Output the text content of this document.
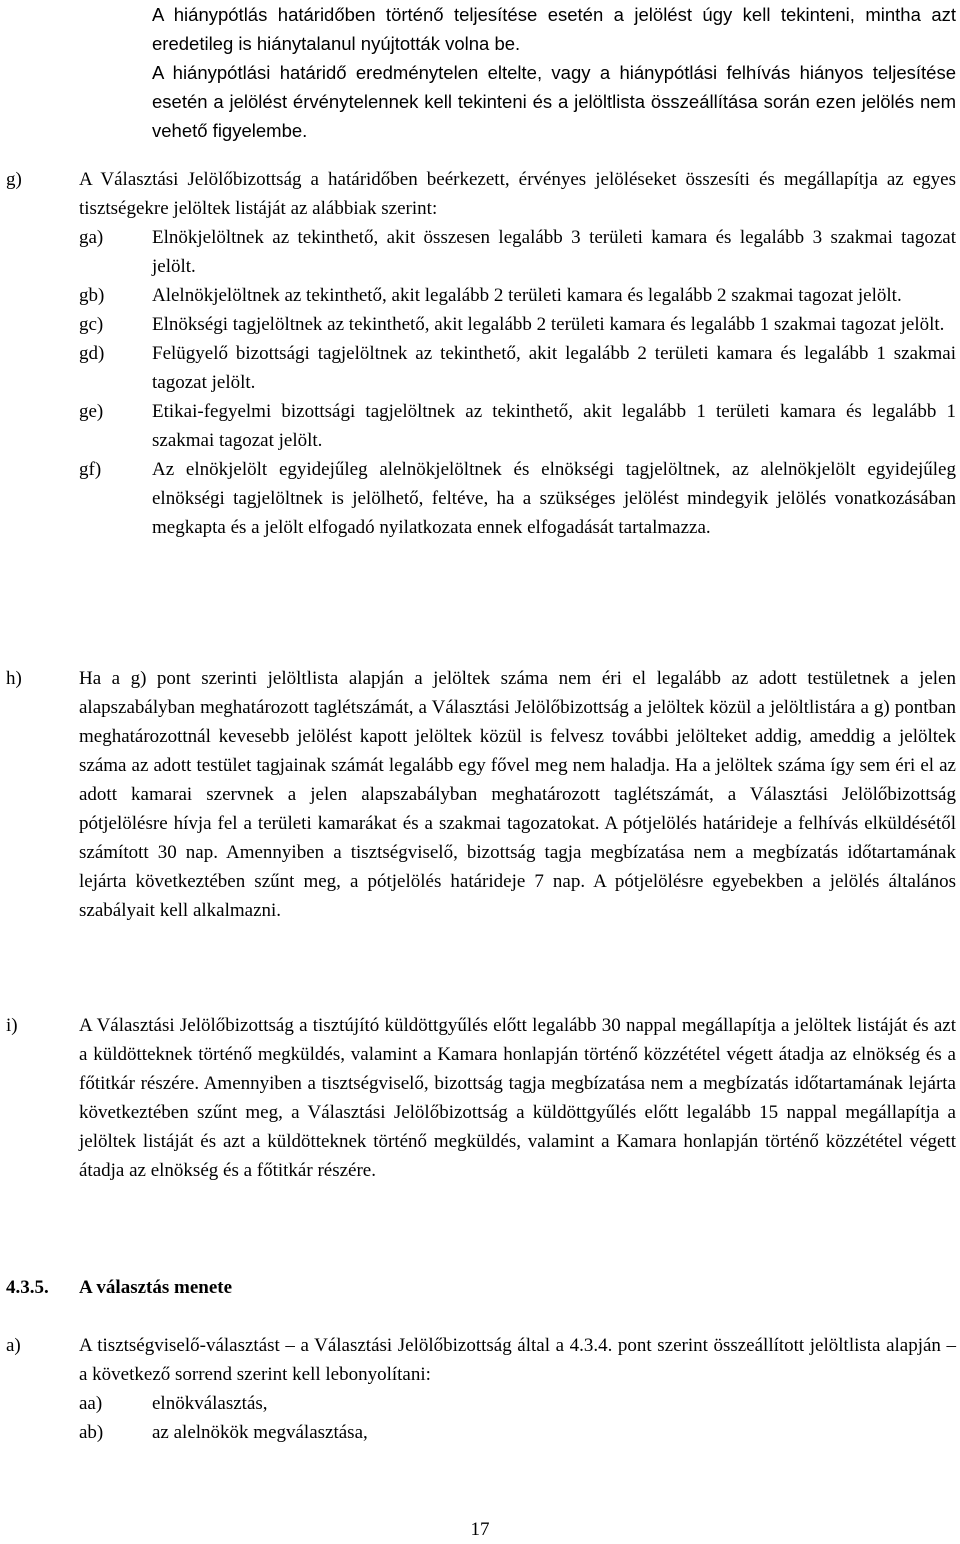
A hiánypótlás határidőben történő teljesítése esetén a jelölést úgy kell tekinteni, mintha azt eredetileg is hiánytalanul nyújtották volna be.

A hiánypótlási határidő eredménytelen eltelte, vagy a hiánypótlási felhívás hiányos teljesítése esetén a jelölést érvénytelennek kell tekinteni és a jelöltlista összeállítása során ezen jelölés nem vehető figyelembe.

g)	A Választási Jelölőbizottság a határidőben beérkezett, érvényes jelöléseket összesíti és megállapítja az egyes tisztségekre jelöltek listáját az alábbiak szerint:
ga)	Elnökjelöltnek az tekinthető, akit összesen legalább 3 területi kamara és legalább 3 szakmai tagozat jelölt.
gb)	Alelnökjelöltnek az tekinthető, akit legalább 2 területi kamara és legalább 2 szakmai tagozat jelölt.
gc)	Elnökségi tagjelöltnek az tekinthető, akit legalább 2 területi kamara és legalább 1 szakmai tagozat jelölt.
gd)	Felügyelő bizottsági tagjelöltnek az tekinthető, akit legalább 2 területi kamara és legalább 1 szakmai tagozat jelölt.
ge)	Etikai-fegyelmi bizottsági tagjelöltnek az tekinthető, akit legalább 1 területi kamara és legalább 1 szakmai tagozat jelölt.
gf)	Az elnökjelölt egyidejűleg alelnökjelöltnek és elnökségi tagjelöltnek, az alelnökjelölt egyidejűleg elnökségi tagjelöltnek is jelölhető, feltéve, ha a szükséges jelölést mindegyik jelölés vonatkozásában megkapta és a jelölt elfogadó nyilatkozata ennek elfogadását tartalmazza.
h)	Ha a g) pont szerinti jelöltlista alapján a jelöltek száma nem éri el legalább az adott testületnek a jelen alapszabályban meghatározott taglétszámát, a Választási Jelölőbizottság a jelöltek közül a jelöltlistára a g) pontban meghatározottnál kevesebb jelölést kapott jelöltek közül is felvesz további jelölteket addig, ameddig a jelöltek száma az adott testület tagjainak számát legalább egy fővel meg nem haladja. Ha a jelöltek száma így sem éri el az adott kamarai szervnek a jelen alapszabályban meghatározott taglétszámát, a Választási Jelölőbizottság pótjelölésre hívja fel a területi kamarákat és a szakmai tagozatokat. A pótjelölés határideje a felhívás elküldésétől számított 30 nap. Amennyiben a tisztségviselő, bizottság tagja megbízatása nem a megbízatás időtartamának lejárta következtében szűnt meg, a pótjelölés határideje 7 nap. A pótjelölésre egyebekben a jelölés általános szabályait kell alkalmazni.
i)	A Választási Jelölőbizottság a tisztújító küldöttgyűlés előtt legalább 30 nappal megállapítja a jelöltek listáját és azt a küldötteknek történő megküldés, valamint a Kamara honlapján történő közzététel végett átadja az elnökség és a főtitkár részére. Amennyiben a tisztségviselő, bizottság tagja megbízatása nem a megbízatás időtartamának lejárta következtében szűnt meg, a Választási Jelölőbizottság a küldöttgyűlés előtt legalább 15 nappal megállapítja a jelöltek listáját és azt a küldötteknek történő megküldés, valamint a Kamara honlapján történő közzététel végett átadja az elnökség és a főtitkár részére.
4.3.5. A választás menete
a)	A tisztségviselő-választást – a Választási Jelölőbizottság által a 4.3.4. pont szerint összeállított jelöltlista alapján – a következő sorrend szerint kell lebonyolítani:
aa)	elnökválasztás,
ab)	az alelnökök megválasztása,
17
